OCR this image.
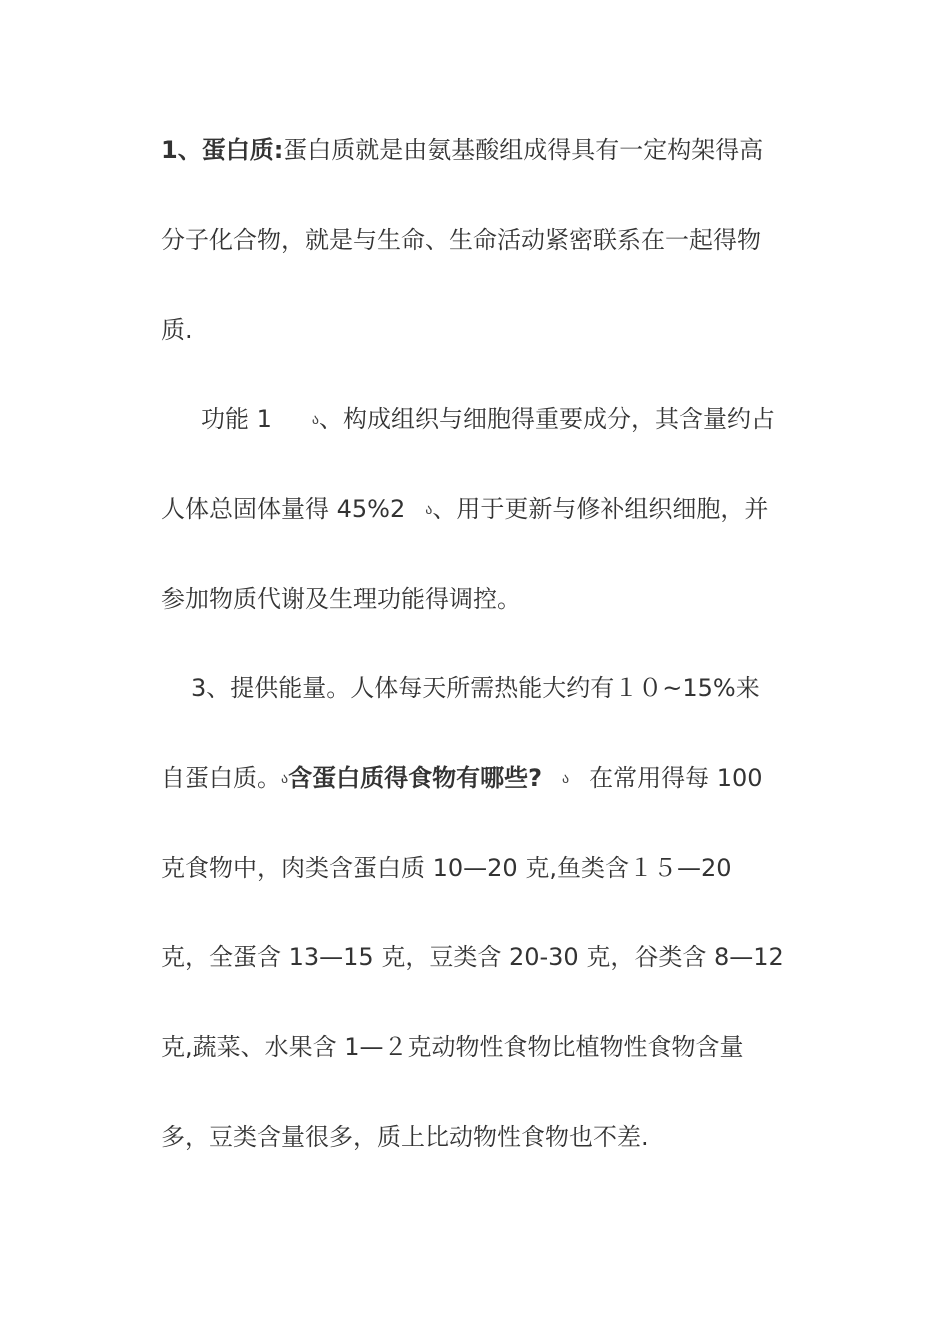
1、蛋白质:蛋白质就是由氨基酸组成得具有一定构架得高
分子化合物，就是与生命、生命活动紧密联系在一起得物
质.
功能 1	ა、构成组织与细胞得重要成分，其含量约占
人体总固体量得 45%2 ა、用于更新与修补组织细胞，并
参加物质代谢及生理功能得调控。
3、提供能量。人体每天所需热能大约有１０~15%来
自蛋白质。ა含蛋白质得食物有哪些? ა 在常用得每 100
克食物中，肉类含蛋白质 10—20 克,鱼类含１５—20
克，全蛋含 13—15 克，豆类含 20-30 克，谷类含 8—12
克,蔬菜、水果含 1—２克动物性食物比植物性食物含量
多，豆类含量很多，质上比动物性食物也不差.
